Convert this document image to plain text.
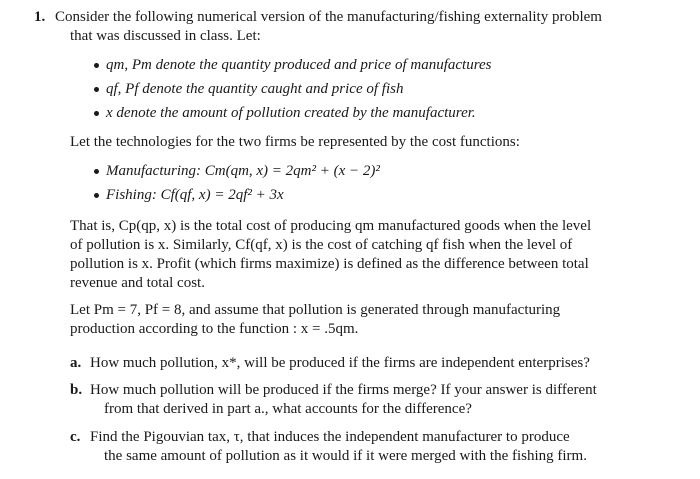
1. Consider the following numerical version of the manufacturing/fishing externality problem
that was discussed in class. Let:
qm, Pm denote the quantity produced and price of manufactures
qf, Pf denote the quantity caught and price of fish
x denote the amount of pollution created by the manufacturer.
Let the technologies for the two firms be represented by the cost functions:
Manufacturing: Cm(qm, x) = 2qm² + (x − 2)²
Fishing: Cf(qf, x) = 2qf² + 3x
That is, Cp(qp, x) is the total cost of producing qm manufactured goods when the level
of pollution is x. Similarly, Cf(qf, x) is the cost of catching qf fish when the level of
pollution is x. Profit (which firms maximize) is defined as the difference between total
revenue and total cost.
Let Pm = 7, Pf = 8, and assume that pollution is generated through manufacturing
production according to the function : x = .5qm.
a. How much pollution, x*, will be produced if the firms are independent enterprises?
b. How much pollution will be produced if the firms merge? If your answer is different
from that derived in part a., what accounts for the difference?
c. Find the Pigouvian tax, τ, that induces the independent manufacturer to produce
the same amount of pollution as it would if it were merged with the fishing firm.
